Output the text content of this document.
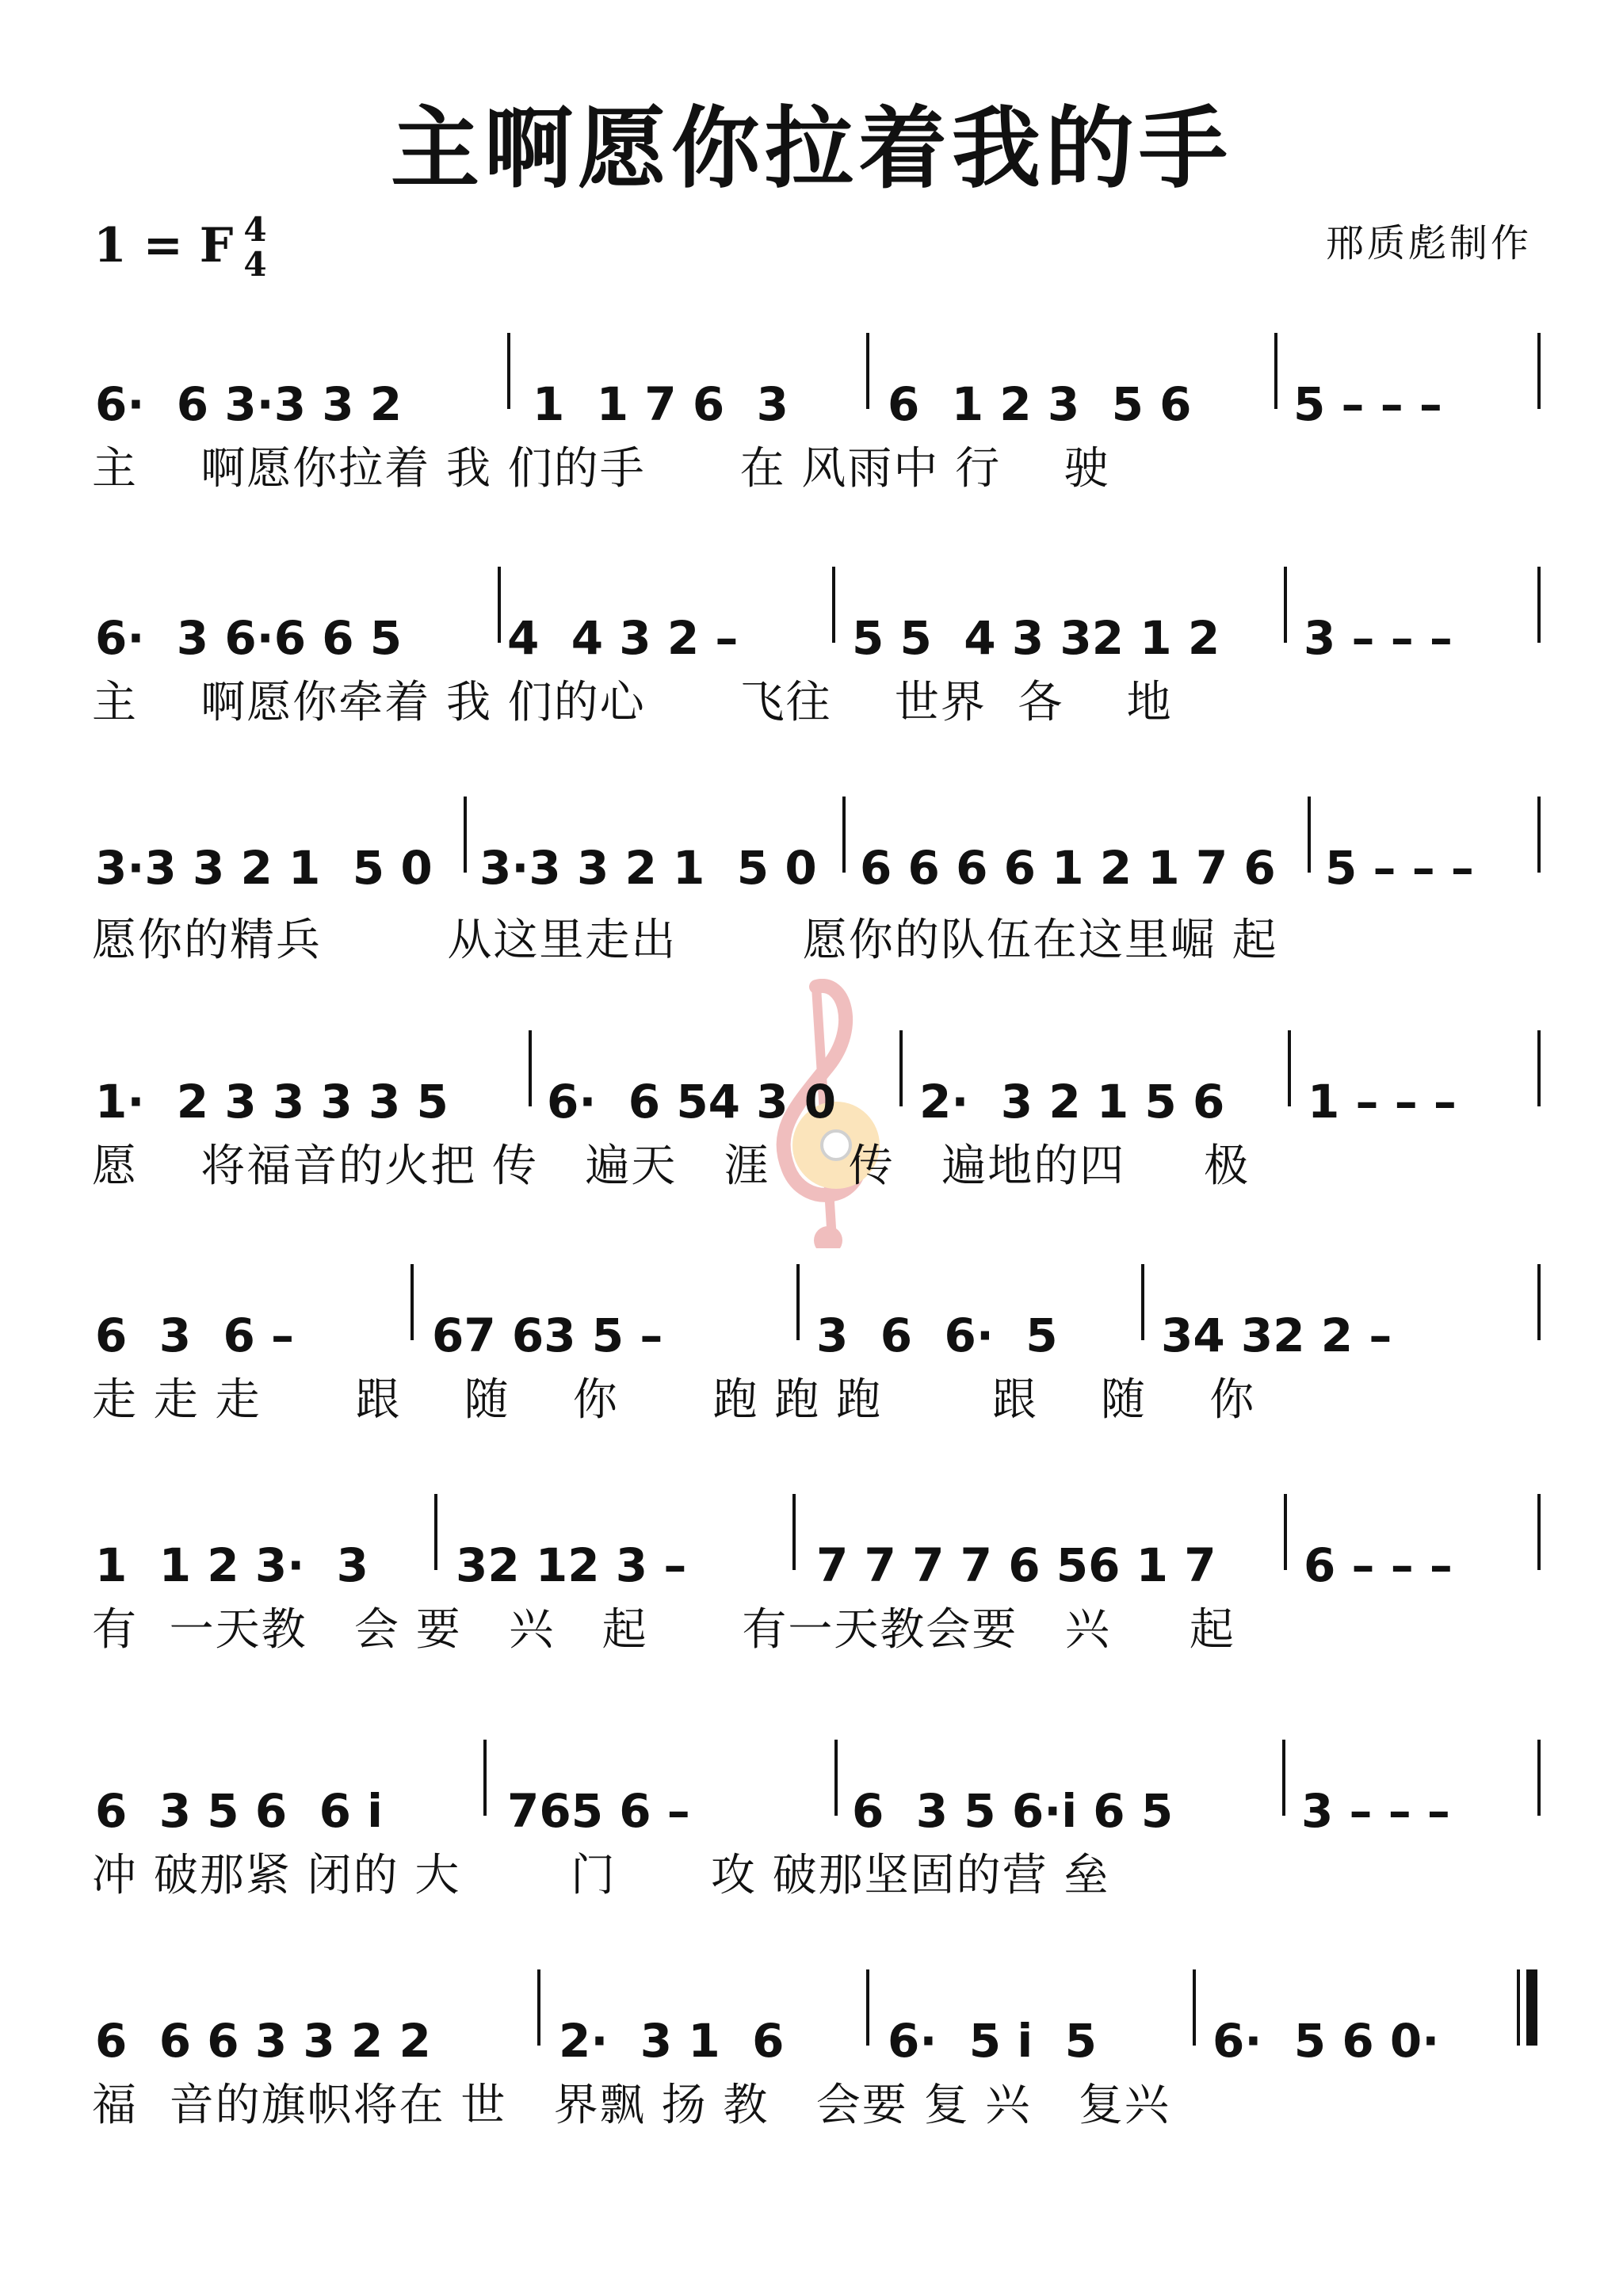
主啊愿你拉着我的手
1 = F 4
4	邢质彪制作
6·  6 3·3 3 2	1  1 7 6  3	6  1 2 3  5 6	5 – – –
主    啊愿你拉着 我 们的手      在 风雨中 行    驶
6·  3 6·6 6 5	4  4 3 2 –	5 5  4 3 32 1 2	3 – – –
主    啊愿你牵着 我 们的心      飞往    世界  各    地
3·3 3 2 1  5 0	3·3 3 2 1  5 0 6 6 6 6 1 2 1 7 6	5 – – –
愿你的精兵        从这里走出        愿你的队伍在这里崛 起
1·  2 3 3 3 3 5	6·  6 54 3 0	2·  3 2 1 5 6	1 – – –
愿    将福音的火把 传   遍天   涯     传   遍地的四     极
6  3  6 –	67 63 5 –	3  6  6·  5	34 32 2 –
走 走 走      跟    随    你      跑 跑 跑       跟    随    你
1  1 2 3·  3	32 12 3 –	7 7 7 7 6 56 1 7	6 – – –
有  一天教   会 要   兴   起      有一天教会要   兴     起
6  3 5 6  6 i	765 6 –	6  3 5 6·i 6 5	3 – – –
冲 破那紧 闭的 大       门      攻 破那坚固的营 垒
6  6 6 3 3 2 2	2·  3 1  6	6·  5 i  5	6·  5 6 0·
福  音的旗帜将在 世   界飘 扬 教   会要 复 兴   复兴
